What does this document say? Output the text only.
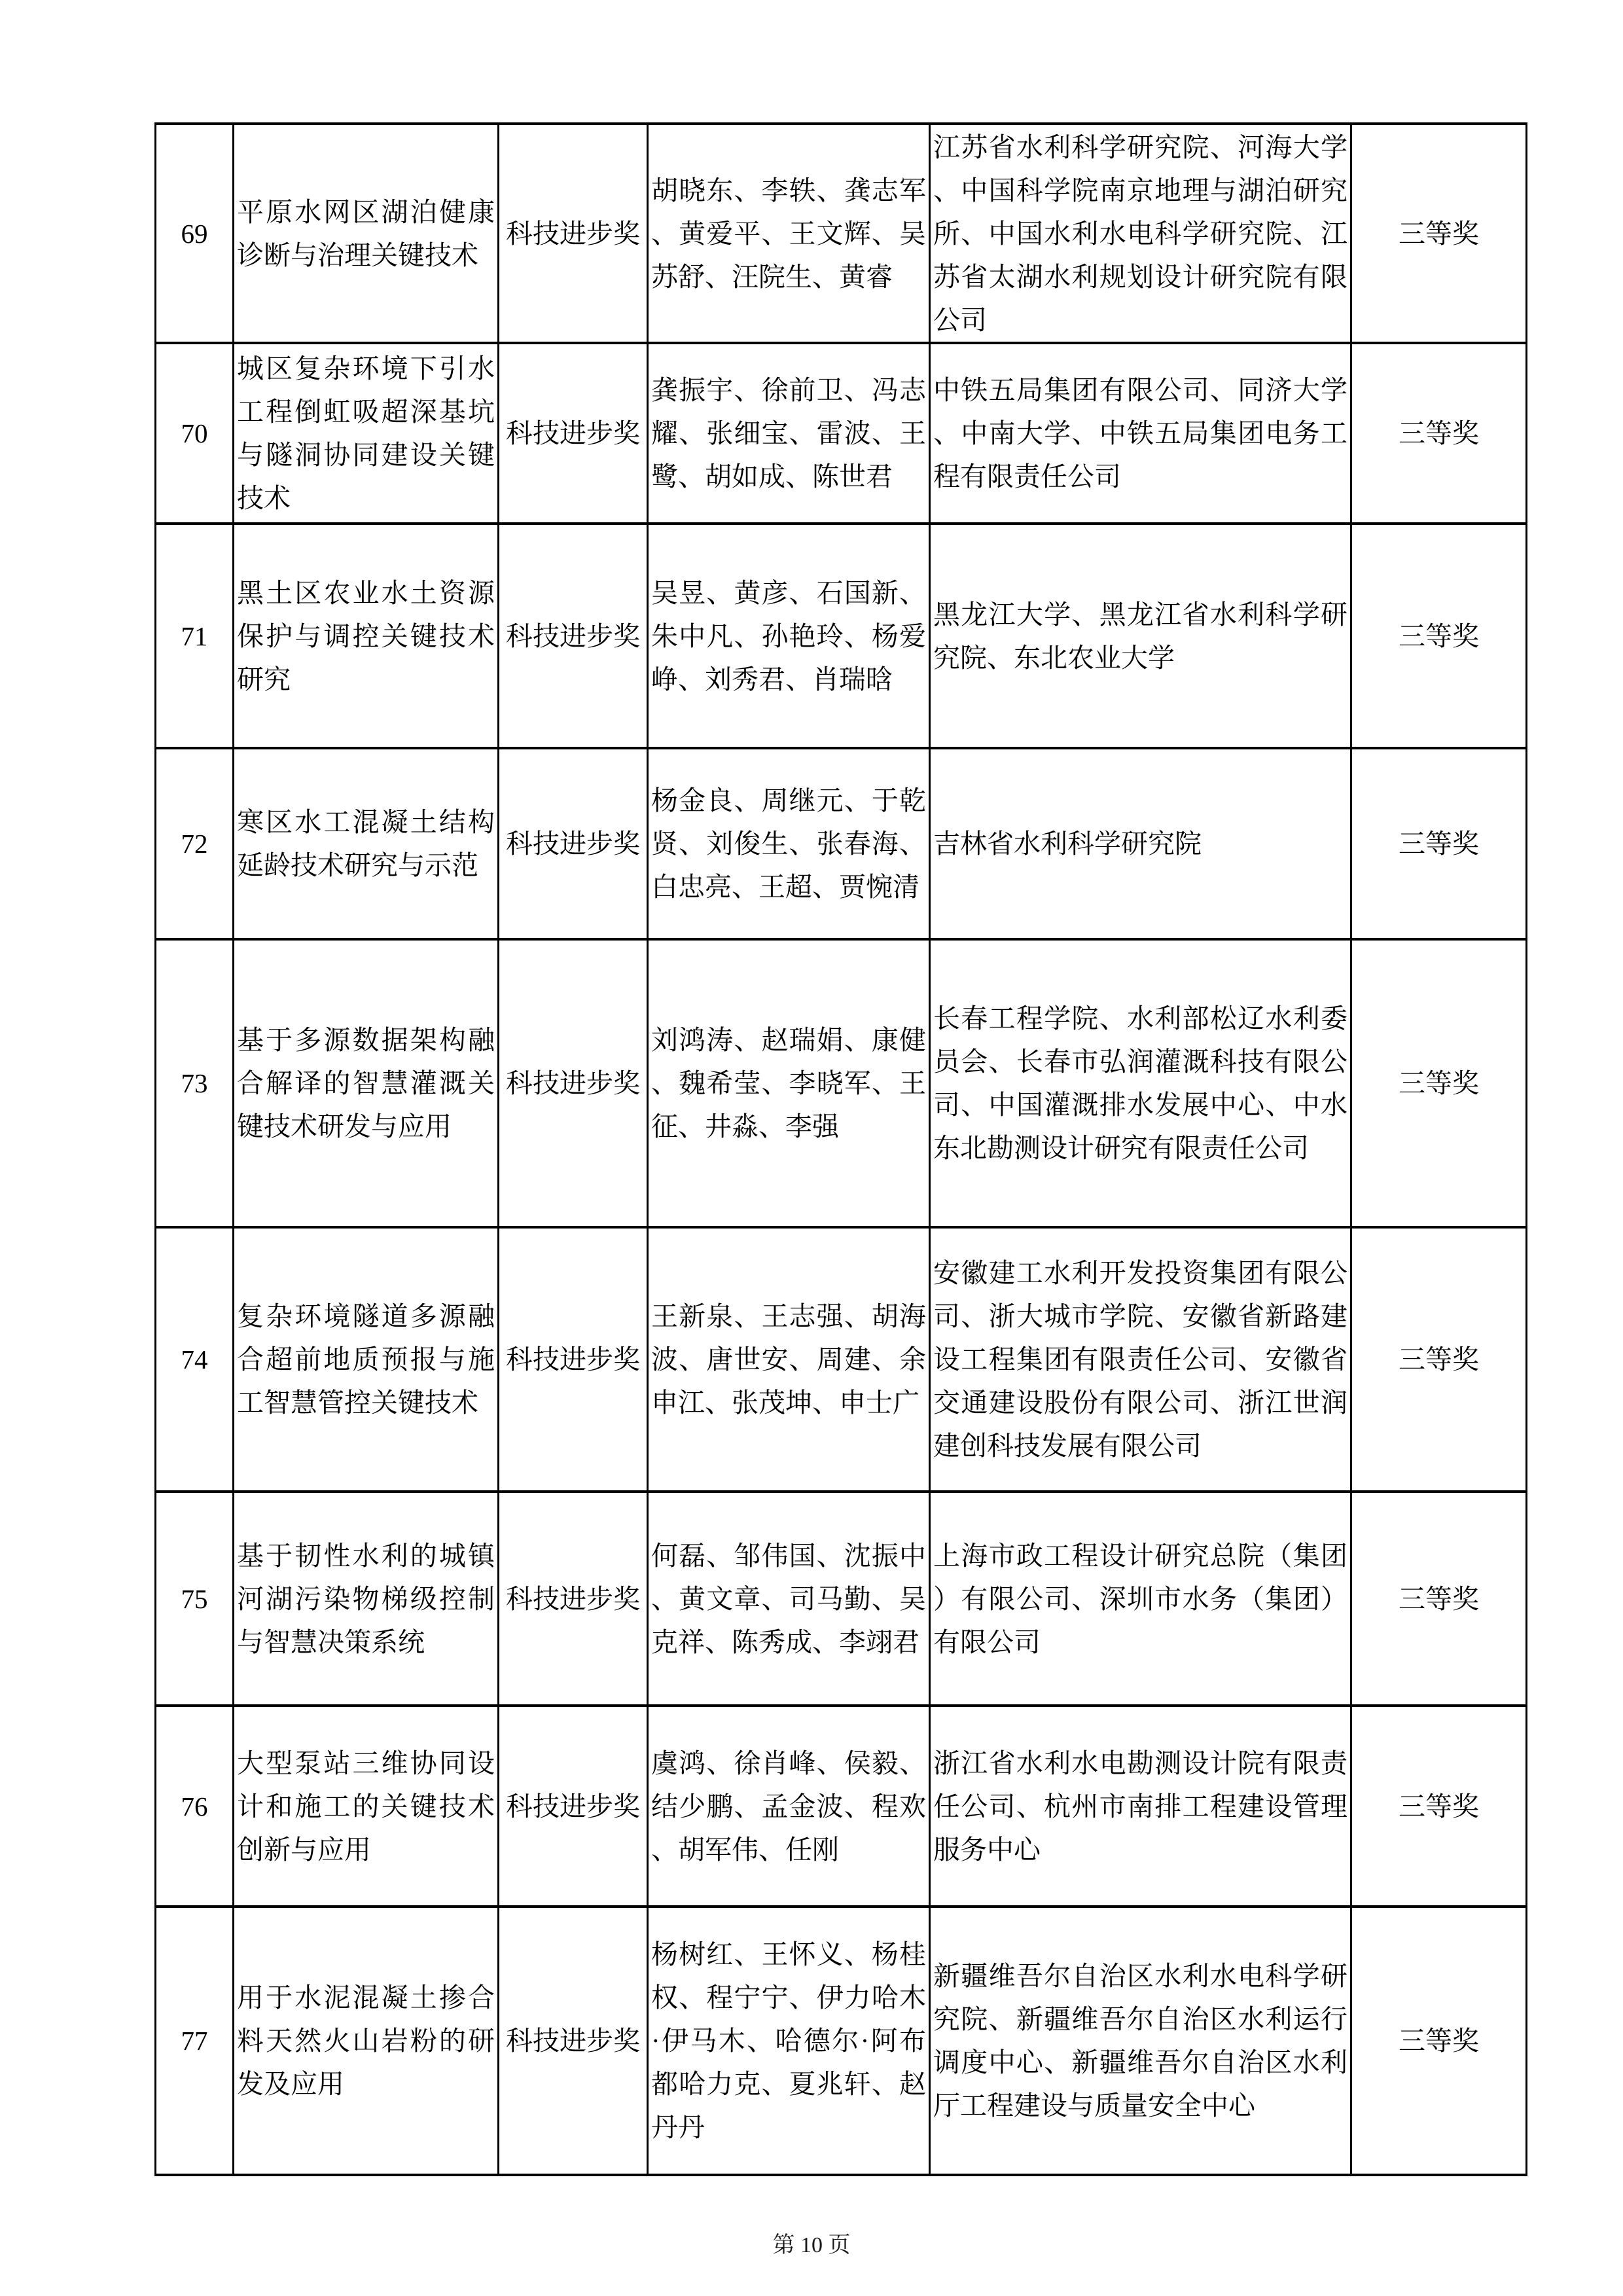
69	平原水网区湖泊健康诊断与治理关键技术	科技进步奖	胡晓东、李轶、龚志军、黄爱平、王文辉、吴苏舒、汪院生、黄睿	江苏省水利科学研究院、河海大学、中国科学院南京地理与湖泊研究所、中国水利水电科学研究院、江苏省太湖水利规划设计研究院有限公司	三等奖
70	城区复杂环境下引水工程倒虹吸超深基坑与隧洞协同建设关键技术	科技进步奖	龚振宇、徐前卫、冯志耀、张细宝、雷波、王鹭、胡如成、陈世君	中铁五局集团有限公司、同济大学、中南大学、中铁五局集团电务工程有限责任公司	三等奖
71	黑土区农业水土资源保护与调控关键技术研究	科技进步奖	吴昱、黄彦、石国新、朱中凡、孙艳玲、杨爱峥、刘秀君、肖瑞晗	黑龙江大学、黑龙江省水利科学研究院、东北农业大学	三等奖
72	寒区水工混凝土结构延龄技术研究与示范	科技进步奖	杨金良、周继元、于乾贤、刘俊生、张春海、白忠亮、王超、贾惋清	吉林省水利科学研究院	三等奖
73	基于多源数据架构融合解译的智慧灌溉关键技术研发与应用	科技进步奖	刘鸿涛、赵瑞娟、康健、魏希莹、李晓军、王征、井淼、李强	长春工程学院、水利部松辽水利委员会、长春市弘润灌溉科技有限公司、中国灌溉排水发展中心、中水东北勘测设计研究有限责任公司	三等奖
74	复杂环境隧道多源融合超前地质预报与施工智慧管控关键技术	科技进步奖	王新泉、王志强、胡海波、唐世安、周建、余申江、张茂坤、申士广	安徽建工水利开发投资集团有限公司、浙大城市学院、安徽省新路建设工程集团有限责任公司、安徽省交通建设股份有限公司、浙江世润建创科技发展有限公司	三等奖
75	基于韧性水利的城镇河湖污染物梯级控制与智慧决策系统	科技进步奖	何磊、邹伟国、沈振中、黄文章、司马勤、吴克祥、陈秀成、李翊君	上海市政工程设计研究总院（集团）有限公司、深圳市水务（集团）有限公司	三等奖
76	大型泵站三维协同设计和施工的关键技术创新与应用	科技进步奖	虞鸿、徐肖峰、侯毅、结少鹏、孟金波、程欢、胡军伟、任刚	浙江省水利水电勘测设计院有限责任公司、杭州市南排工程建设管理服务中心	三等奖
77	用于水泥混凝土掺合料天然火山岩粉的研发及应用	科技进步奖	杨树红、王怀义、杨桂权、程宁宁、伊力哈木·伊马木、哈德尔·阿布都哈力克、夏兆轩、赵丹丹	新疆维吾尔自治区水利水电科学研究院、新疆维吾尔自治区水利运行调度中心、新疆维吾尔自治区水利厅工程建设与质量安全中心	三等奖
第 10 页
